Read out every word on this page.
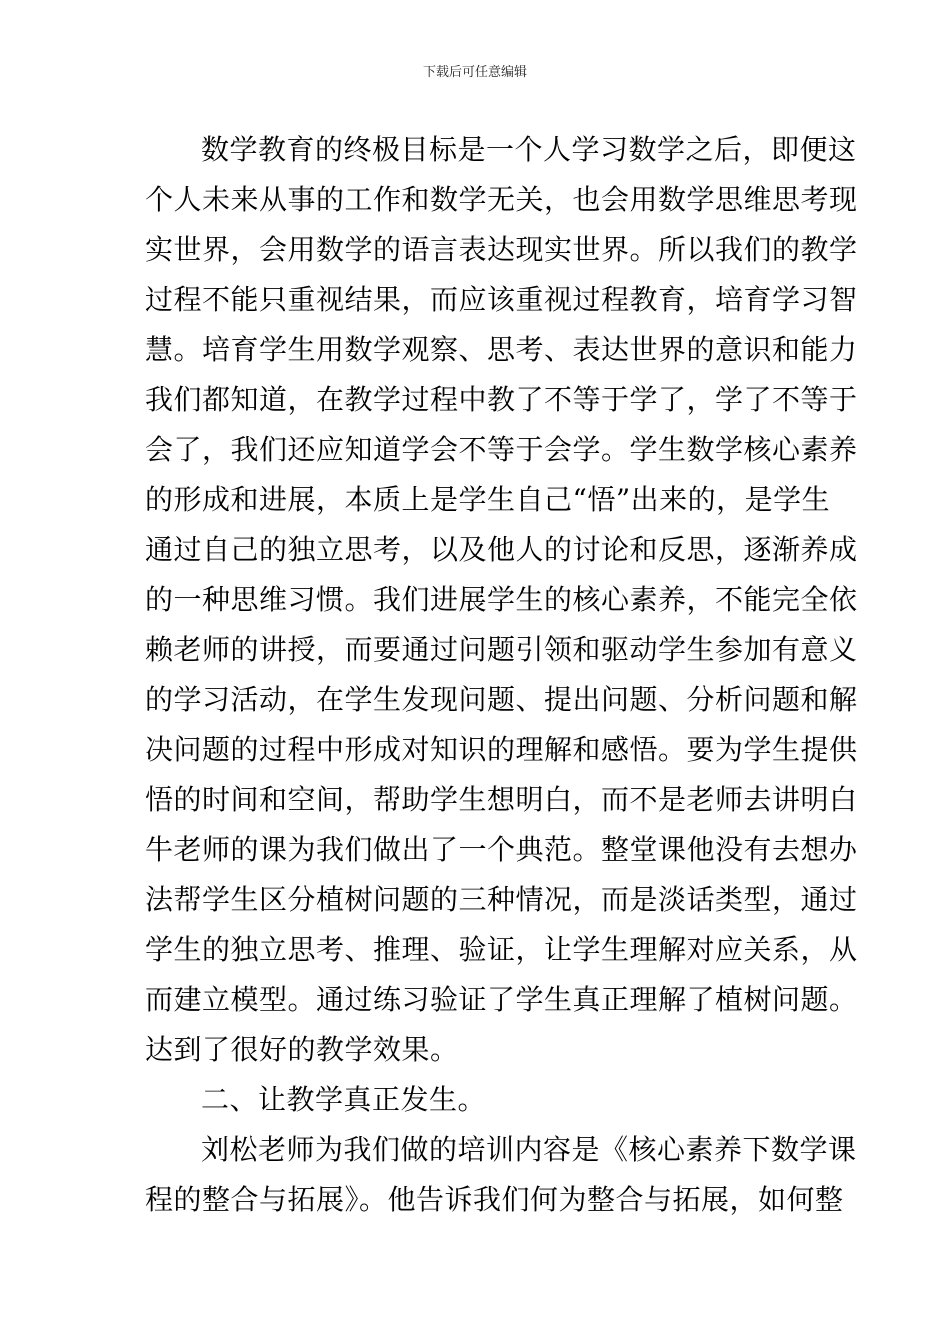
下载后可任意编辑
数学教育的终极目标是一个人学习数学之后，即便这
个人未来从事的工作和数学无关，也会用数学思维思考现
实世界，会用数学的语言表达现实世界。所以我们的教学
过程不能只重视结果，而应该重视过程教育，培育学习智
慧。培育学生用数学观察、思考、表达世界的意识和能力
我们都知道，在教学过程中教了不等于学了，学了不等于
会了，我们还应知道学会不等于会学。学生数学核心素养
的形成和进展，本质上是学生自己“悟”出来的，是学生
通过自己的独立思考，以及他人的讨论和反思，逐渐养成
的一种思维习惯。我们进展学生的核心素养，不能完全依
赖老师的讲授，而要通过问题引领和驱动学生参加有意义
的学习活动，在学生发现问题、提出问题、分析问题和解
决问题的过程中形成对知识的理解和感悟。要为学生提供
悟的时间和空间，帮助学生想明白，而不是老师去讲明白
牛老师的课为我们做出了一个典范。整堂课他没有去想办
法帮学生区分植树问题的三种情况，而是淡话类型，通过
学生的独立思考、推理、验证，让学生理解对应关系，从
而建立模型。通过练习验证了学生真正理解了植树问题。
达到了很好的教学效果。
二、让教学真正发生。
刘松老师为我们做的培训内容是《核心素养下数学课
程的整合与拓展》。他告诉我们何为整合与拓展，如何整
